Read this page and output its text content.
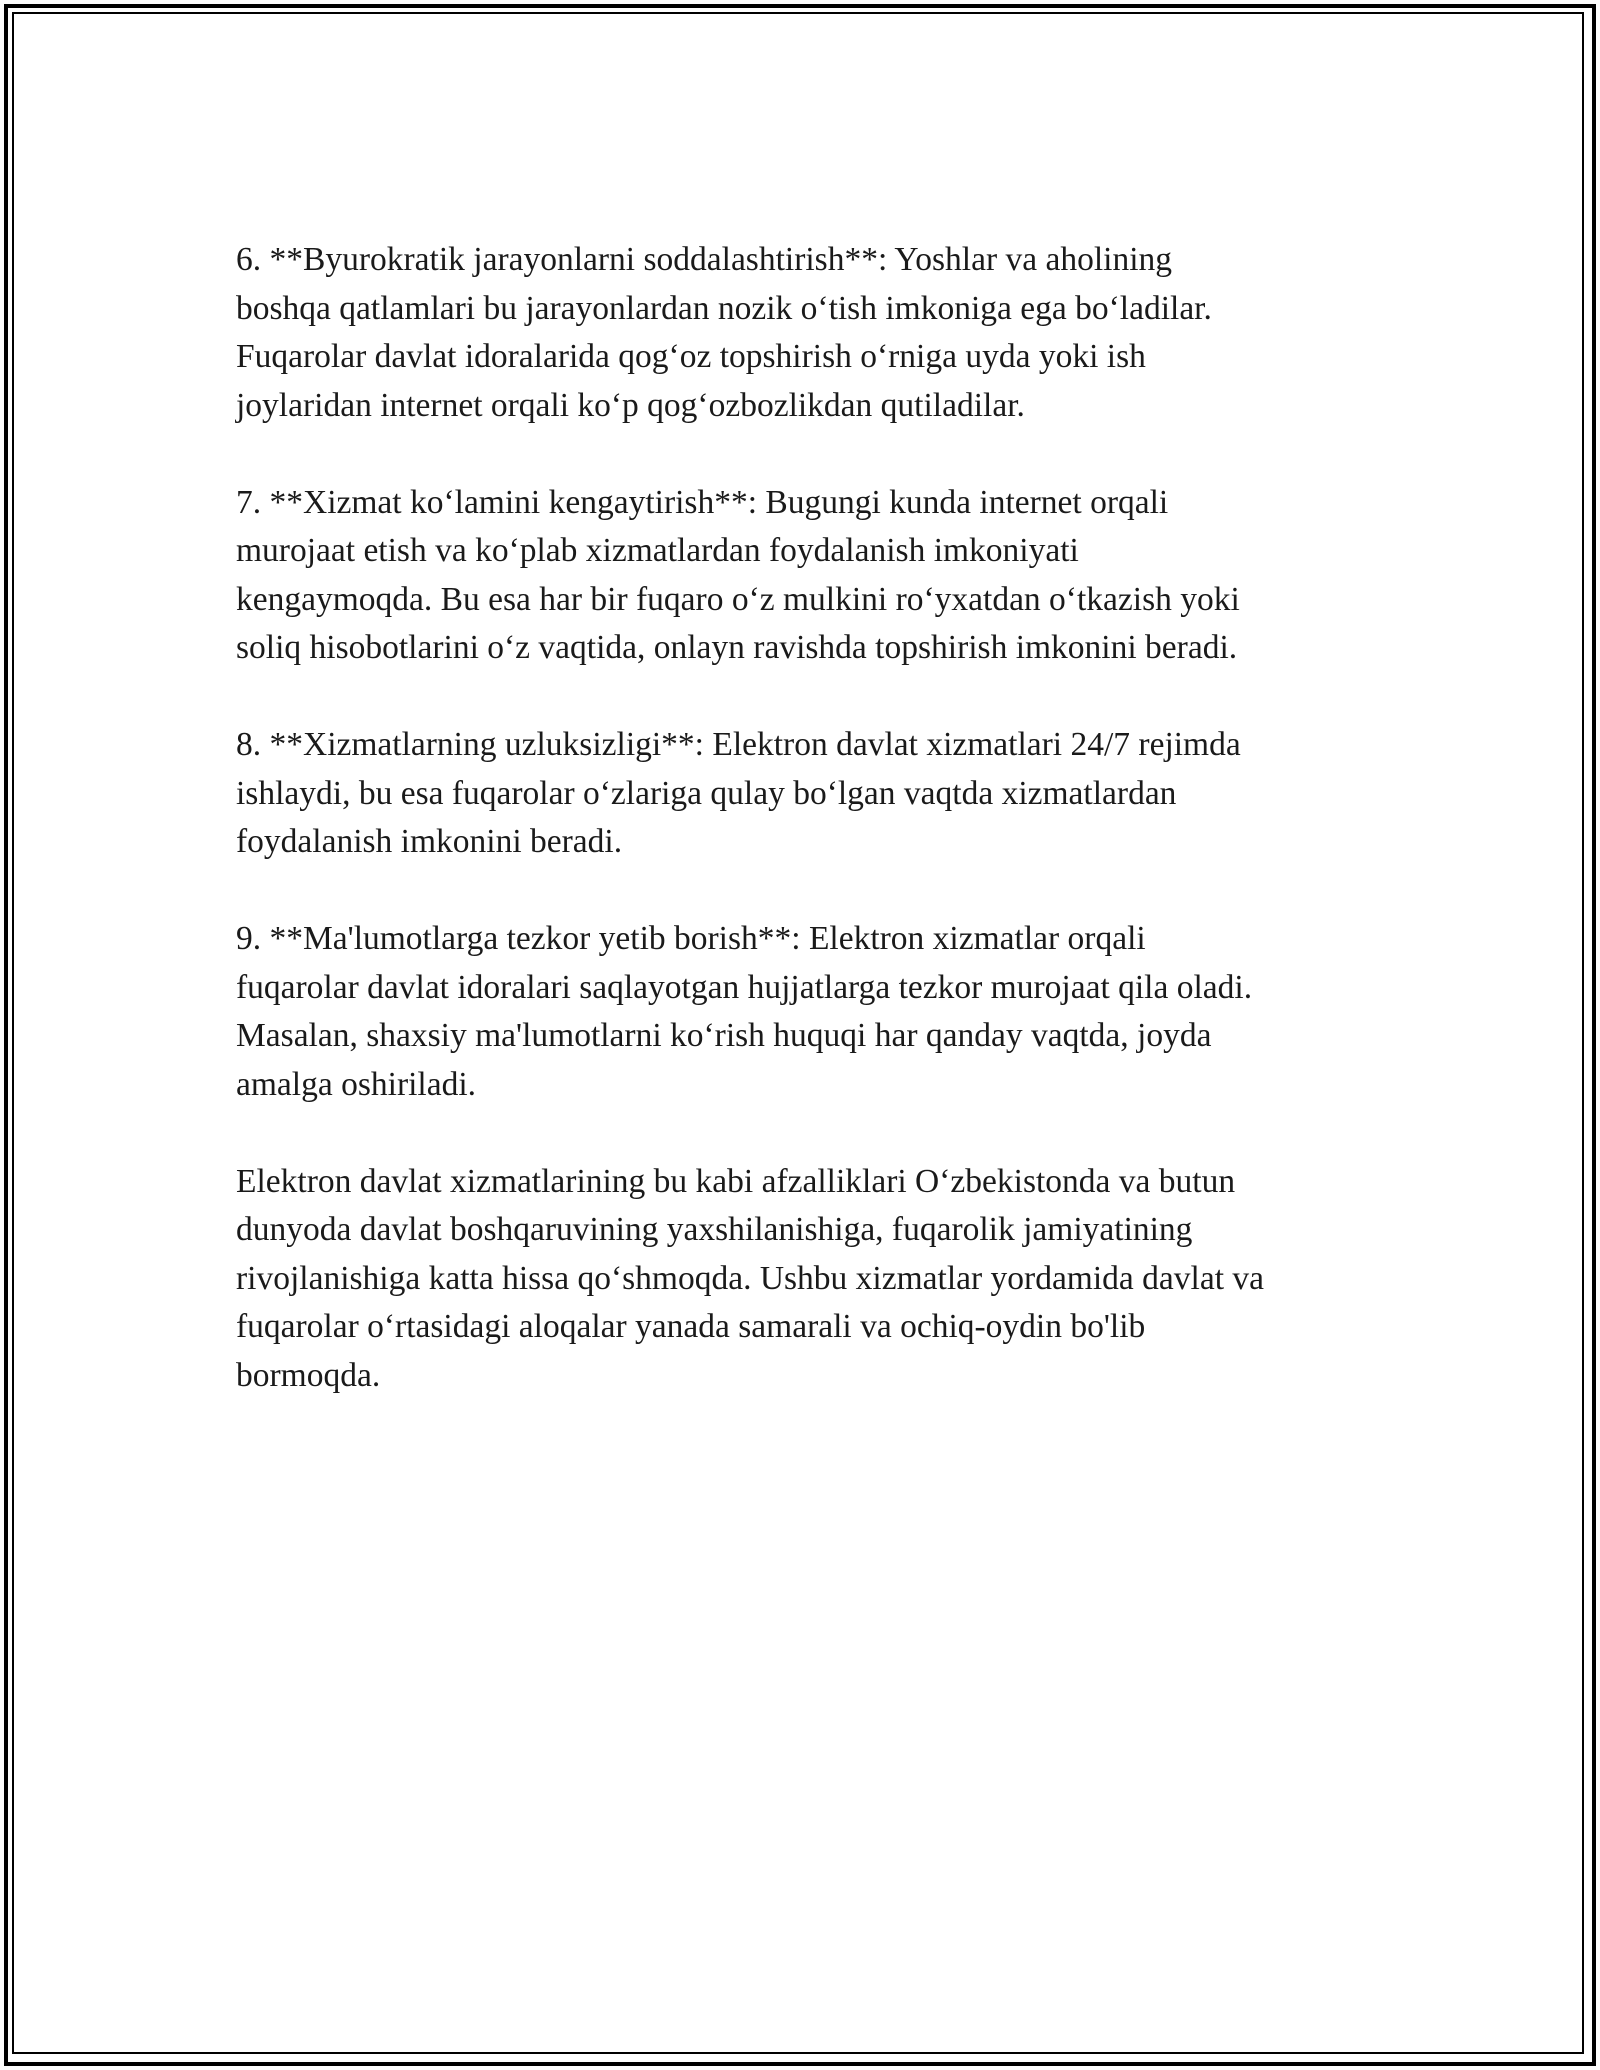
6. **Byurokratik jarayonlarni soddalashtirish**: Yoshlar va aholining
boshqa qatlamlari bu jarayonlardan nozik o‘tish imkoniga ega bo‘ladilar.
Fuqarolar davlat idoralarida qog‘oz topshirish o‘rniga uyda yoki ish
joylaridan internet orqali ko‘p qog‘ozbozlikdan qutiladilar.

7. **Xizmat ko‘lamini kengaytirish**: Bugungi kunda internet orqali
murojaat etish va ko‘plab xizmatlardan foydalanish imkoniyati
kengaymoqda. Bu esa har bir fuqaro o‘z mulkini ro‘yxatdan o‘tkazish yoki
soliq hisobotlarini o‘z vaqtida, onlayn ravishda topshirish imkonini beradi.

8. **Xizmatlarning uzluksizligi**: Elektron davlat xizmatlari 24/7 rejimda
ishlaydi, bu esa fuqarolar o‘zlariga qulay bo‘lgan vaqtda xizmatlardan
foydalanish imkonini beradi.

9. **Ma'lumotlarga tezkor yetib borish**: Elektron xizmatlar orqali
fuqarolar davlat idoralari saqlayotgan hujjatlarga tezkor murojaat qila oladi.
Masalan, shaxsiy ma'lumotlarni ko‘rish huquqi har qanday vaqtda, joyda
amalga oshiriladi.

Elektron davlat xizmatlarining bu kabi afzalliklari O‘zbekistonda va butun
dunyoda davlat boshqaruvining yaxshilanishiga, fuqarolik jamiyatining
rivojlanishiga katta hissa qo‘shmoqda. Ushbu xizmatlar yordamida davlat va
fuqarolar o‘rtasidagi aloqalar yanada samarali va ochiq-oydin bo'lib
bormoqda.
